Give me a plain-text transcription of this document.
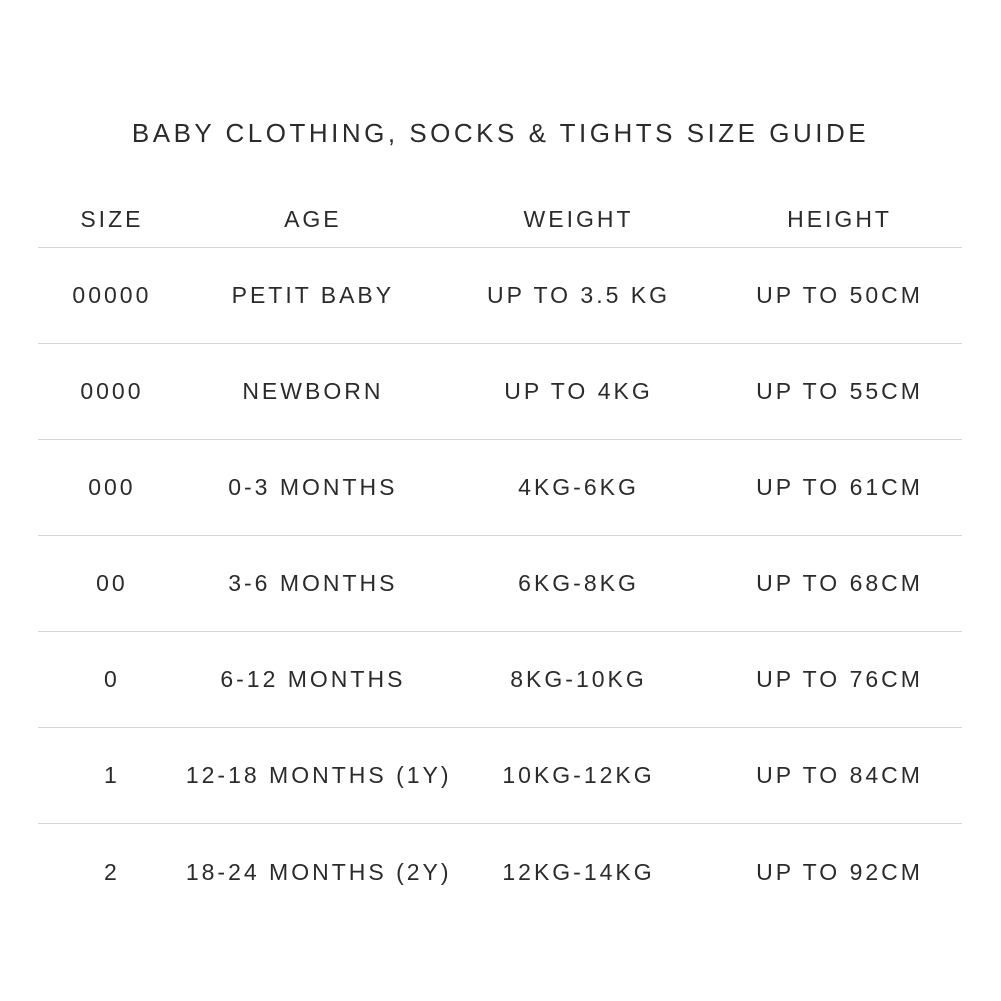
BABY CLOTHING, SOCKS & TIGHTS SIZE GUIDE
SIZE	AGE	WEIGHT	HEIGHT
00000	PETIT BABY	UP TO 3.5 KG	UP TO 50CM
0000	NEWBORN	UP TO 4KG	UP TO 55CM
000	0-3 MONTHS	4KG-6KG	UP TO 61CM
00	3-6 MONTHS	6KG-8KG	UP TO 68CM
0	6-12 MONTHS	8KG-10KG	UP TO 76CM
1	12-18 MONTHS (1Y)	10KG-12KG	UP TO 84CM
2	18-24 MONTHS (2Y)	12KG-14KG	UP TO 92CM
